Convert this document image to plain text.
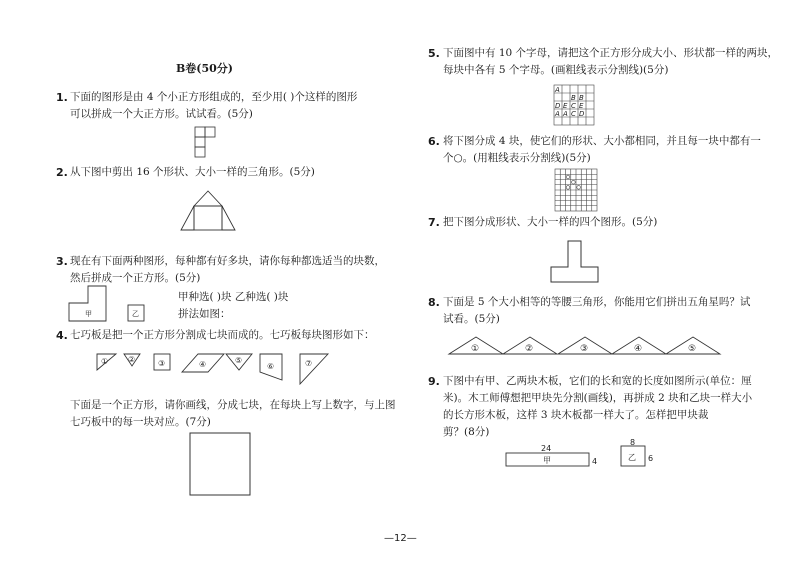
B卷(50分)
1. 下面的图形是由 4 个小正方形组成的，至少用( )个这样的图形
可以拼成一个大正方形。试试看。(5分)
2. 从下图中剪出 16 个形状、大小一样的三角形。(5分)
3. 现在有下面两种图形，每种都有好多块，请你每种都选适当的块数，
然后拼成一个正方形。(5分)
甲	乙
甲种选( )块 乙种选( )块
拼法如图：
4. 七巧板是把一个正方形分割成七块而成的。七巧板每块图形如下：
① ②	③	④	⑤
⑥	⑦
下面是一个正方形，请你画线，分成七块，在每块上写上数字，与上图
七巧板中的每一块对应。(7分)
5. 下面图中有 10 个字母，请把这个正方形分成大小、形状都一样的两块，
每块中各有 5 个字母。(画粗线表示分割线)(5分)
A
B B
D E C E
A A C D
6. 将下图分成 4 块，使它们的形状、大小都相同，并且每一块中都有一
个○。(用粗线表示分割线)(5分)
7. 把下图分成形状、大小一样的四个图形。(5分)
8. 下面是 5 个大小相等的等腰三角形，你能用它们拼出五角星吗？试
试看。(5分)
①	②	③	④	⑤
9. 下图中有甲、乙两块木板，它们的长和宽的长度如图所示(单位：厘
米)。木工师傅想把甲块先分割(画线)，再拼成 2 块和乙块一样大小
的长方形木板，这样 3 块木板都一样大了。怎样把甲块裁
剪？(8分)
24
甲	4
8
乙 6
—12—
